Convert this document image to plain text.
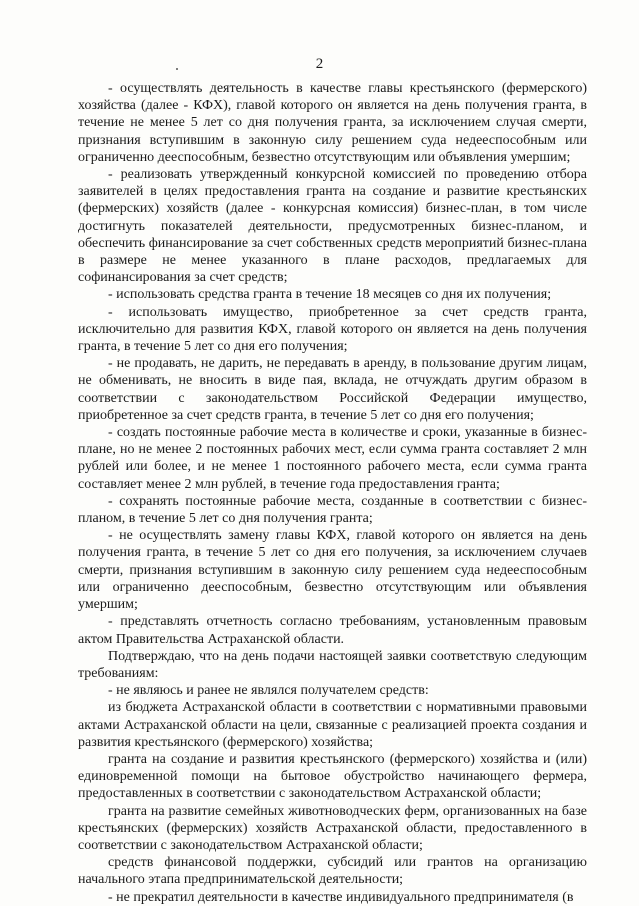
2

- осуществлять деятельность в качестве главы крестьянского (фермерского) хозяйства (далее - КФХ), главой которого он является на день получения гранта, в течение не менее 5 лет со дня получения гранта, за исключением случая смерти, признания вступившим в законную силу решением суда недееспособным или ограниченно дееспособным, безвестно отсутствующим или объявления умершим;

- реализовать утвержденный конкурсной комиссией по проведению отбора заявителей в целях предоставления гранта на создание и развитие крестьянских (фермерских) хозяйств (далее - конкурсная комиссия) бизнес-план, в том числе достигнуть показателей деятельности, предусмотренных бизнес-планом, и обеспечить финансирование за счет собственных средств мероприятий бизнес-плана в размере не менее указанного в плане расходов, предлагаемых для софинансирования за счет средств;

- использовать средства гранта в течение 18 месяцев со дня их получения;

- использовать имущество, приобретенное за счет средств гранта, исключительно для развития КФХ, главой которого он является на день получения гранта, в течение 5 лет со дня его получения;

- не продавать, не дарить, не передавать в аренду, в пользование другим лицам, не обменивать, не вносить в виде пая, вклада, не отчуждать другим образом в соответствии с законодательством Российской Федерации имущество, приобретенное за счет средств гранта, в течение 5 лет со дня его получения;

- создать постоянные рабочие места в количестве и сроки, указанные в бизнес-плане, но не менее 2 постоянных рабочих мест, если сумма гранта составляет 2 млн рублей или более, и не менее 1 постоянного рабочего места, если сумма гранта составляет менее 2 млн рублей, в течение года предоставления гранта;

- сохранять постоянные рабочие места, созданные в соответствии с бизнес-планом, в течение 5 лет со дня получения гранта;

- не осуществлять замену главы КФХ, главой которого он является на день получения гранта, в течение 5 лет со дня его получения, за исключением случаев смерти, признания вступившим в законную силу решением суда недееспособным или ограниченно дееспособным, безвестно отсутствующим или объявления умершим;

- представлять отчетность согласно требованиям, установленным правовым актом Правительства Астраханской области.

Подтверждаю, что на день подачи настоящей заявки соответствую следующим требованиям:

- не являюсь и ранее не являлся получателем средств:

из бюджета Астраханской области в соответствии с нормативными правовыми актами Астраханской области на цели, связанные с реализацией проекта создания и развития крестьянского (фермерского) хозяйства;

гранта на создание и развития крестьянского (фермерского) хозяйства и (или) единовременной помощи на бытовое обустройство начинающего фермера, предоставленных в соответствии с законодательством Астраханской области;

гранта на развитие семейных животноводческих ферм, организованных на базе крестьянских (фермерских) хозяйств Астраханской области, предоставленного в соответствии с законодательством Астраханской области;

средств финансовой поддержки, субсидий или грантов на организацию начального этапа предпринимательской деятельности;

- не прекратил деятельности в качестве индивидуального предпринимателя (в
